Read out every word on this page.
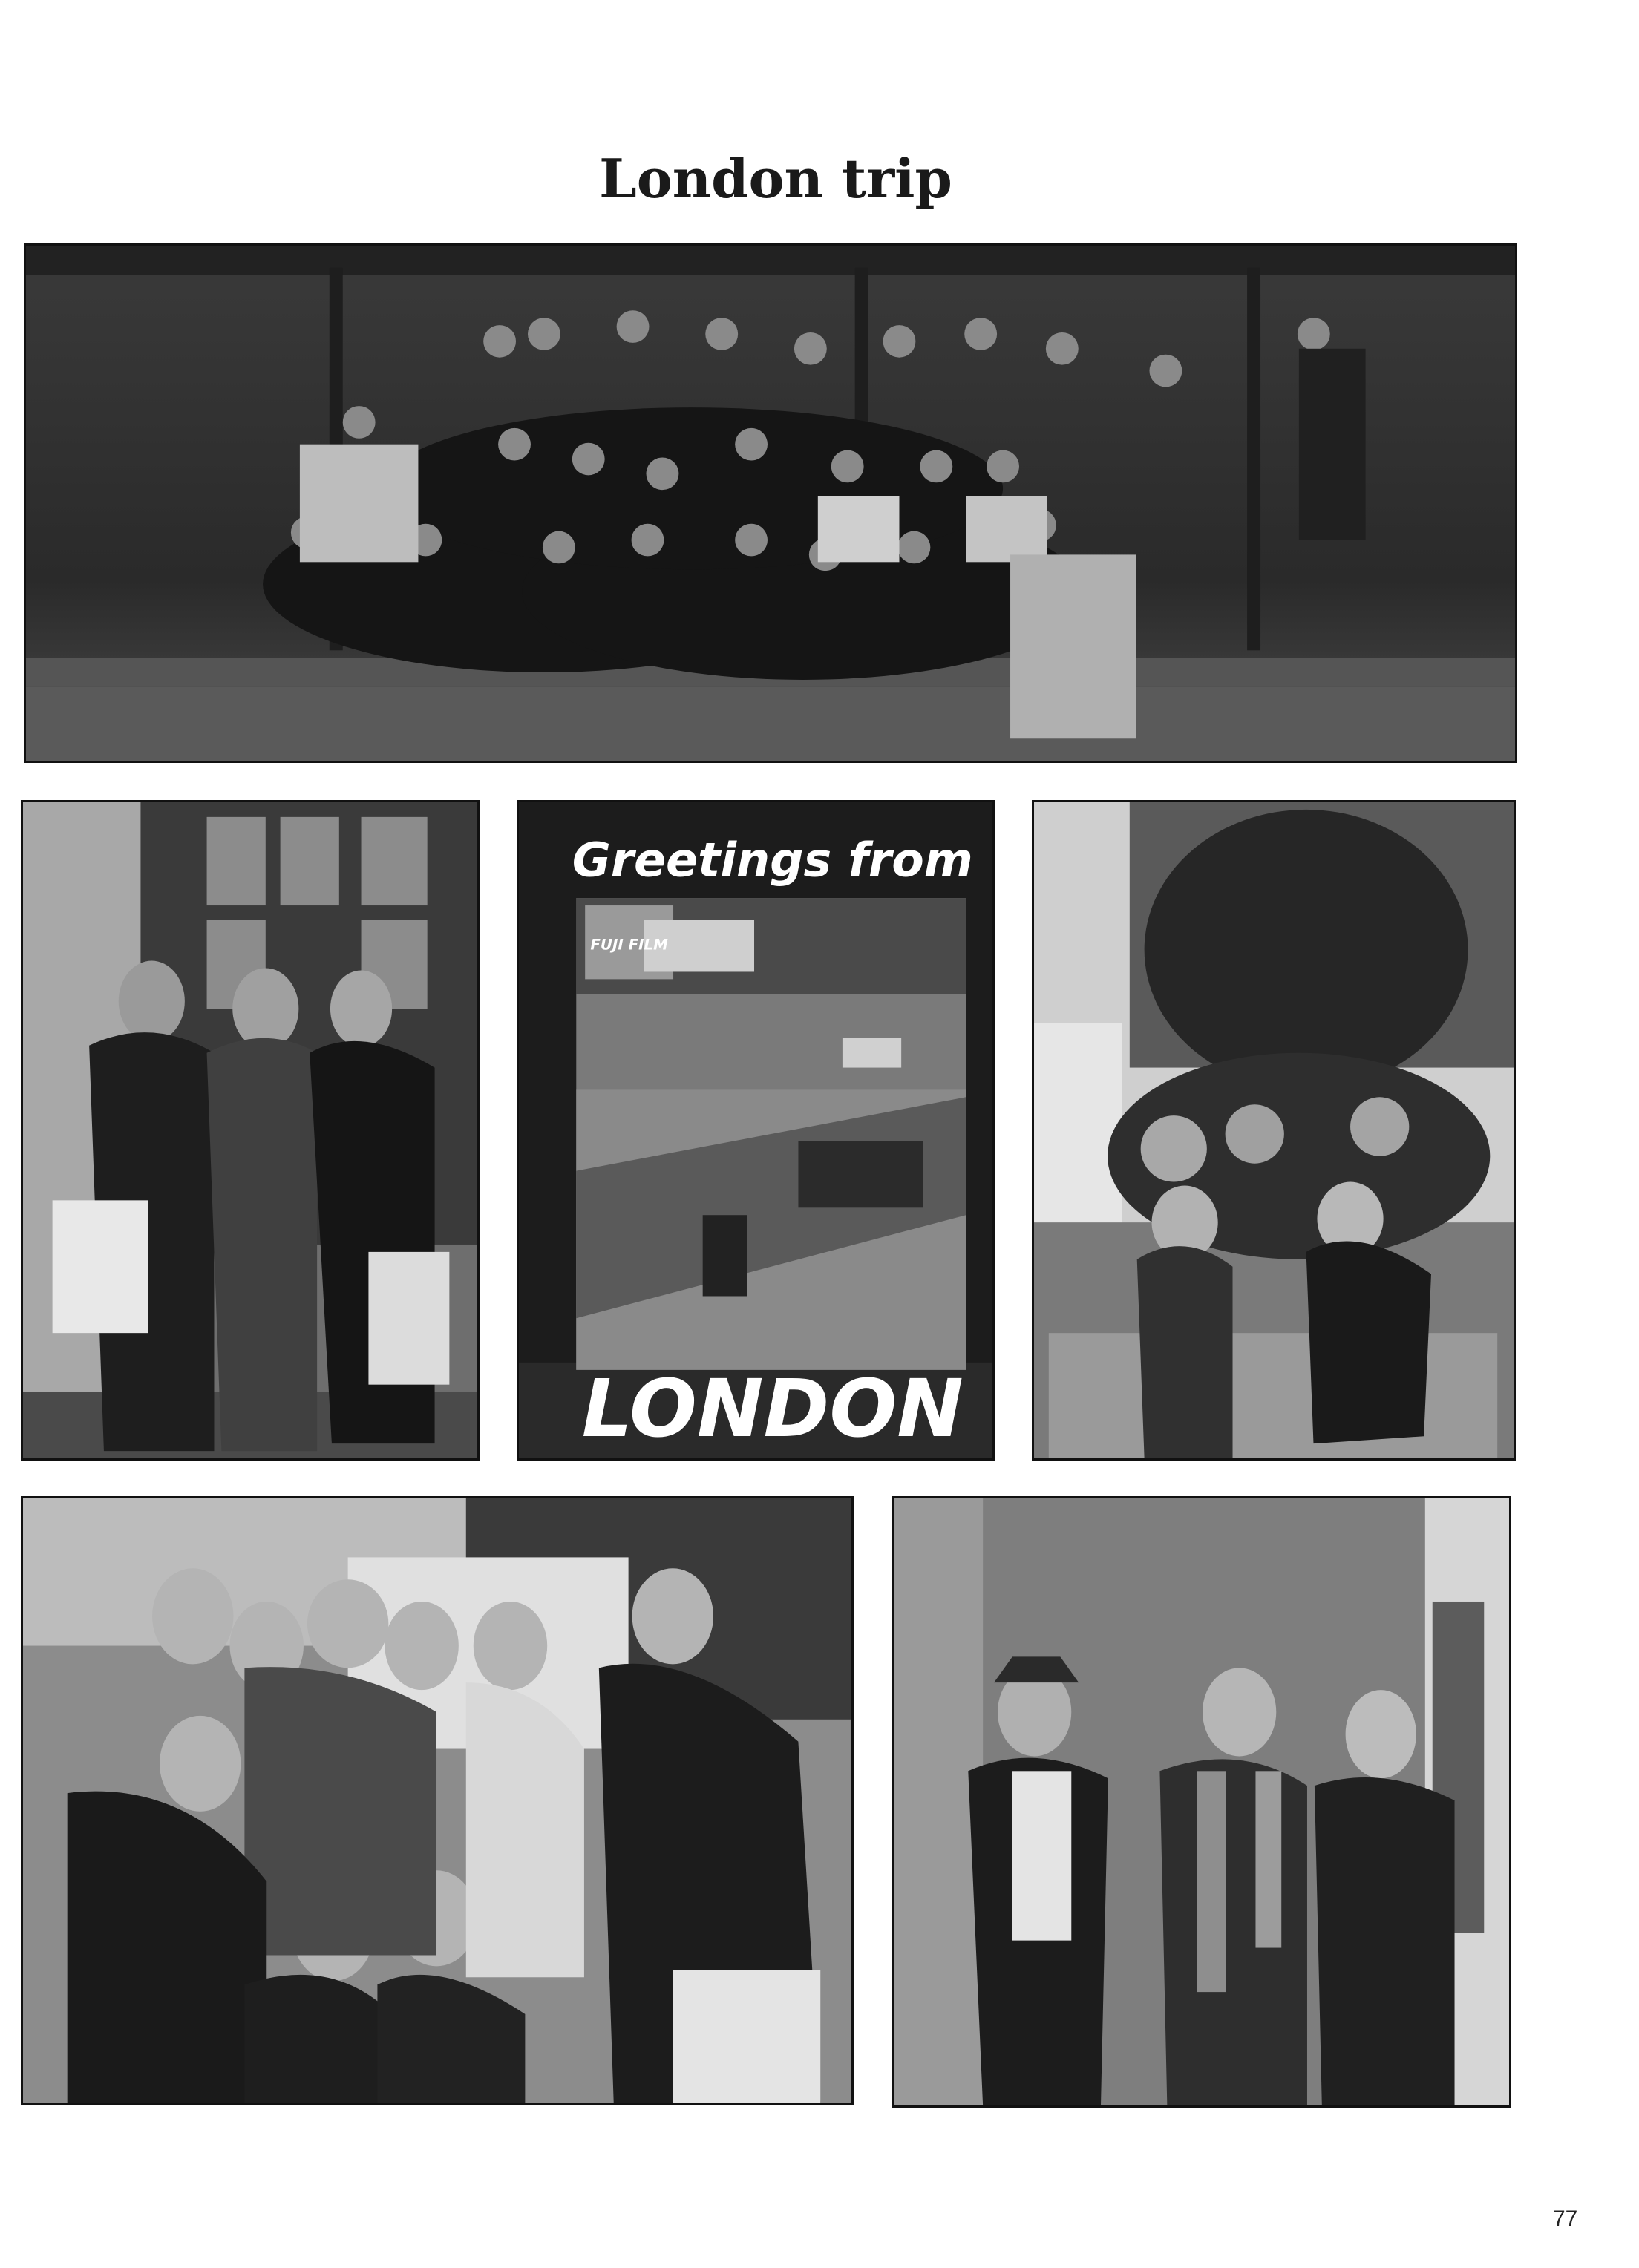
London trip
Greetings from
LONDON
FUJI FILM
77
